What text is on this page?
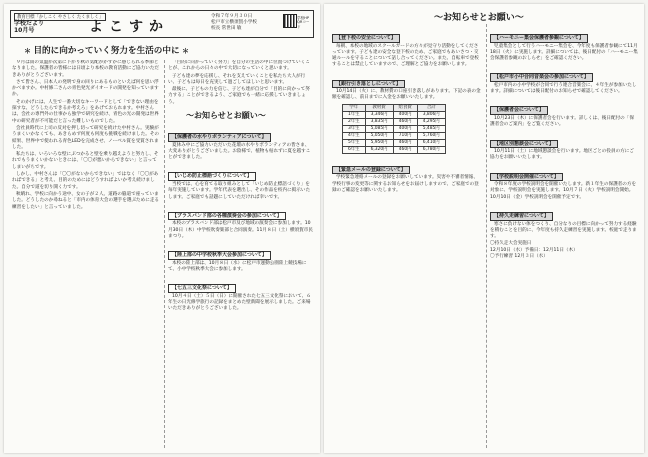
教育目標「かしこく やさしく たくましく」
学校だより
10月号	よこすか
令和７年９月３０日
松戸市立横須賀小学校
校長 常世田 敏
学校HP QRコード
＊ 目的に向かっていく努力を生活の中に ＊

９月は雨の気温が次第に下がり秋の気配がかすかに感じられる季節となりました。保護者の皆様には日頃より本校の教育活動にご協力いただきありがとうございます。

さて皆さん、日本人の発明で身の回りにあるものといえば何を思い浮かべますか。中村修二さんの青色発光ダイオードの開発を知っていますか。

そのかげには、人生で一番大切なキーワードとして「できない理由を探すな、どうしたらできるか考えろ」をあげておられます。中村さんは、会社の専門外の仕事から独学で研究を続け、青色の光の開発は世界中の研究者が不可能だと言った難しいものでした。

会社員時代に上司の反対を押し切って研究を続けた中村さん。実験がうまくいかなくても、あきらめず何度も何度も挑戦を続けました。その結果、世界中で使われる青色LEDを完成させ、ノーベル賞を受賞されました。

私たちは、いろいろな壁にぶつかると壁を乗り越えようと努力し、それでもうまくいかないときには、「〇〇が悪いからできない」と言ってしまいがちです。

しかし、中村さんは「〇〇がないからできない」ではなく「〇〇があればできる」と考え、目的のためにはどうすればよいか考え続けました。自分で道を切り開く力です。

秋晴れ、学校に向かう途中、女の子が２人、道路の脇道で座っていました。どうしたのか尋ねると「市内の体育大会の選手を選ぶために走る練習をしたい」と言っていました。

「目的に向かっていく努力」を自分の生活の中に位置づけていくことが、これからの日々の中で大切になっていくと思います。

子ども達の夢を応援し、それを支えていくことを私たち大人が行い、子どもは毎日を充実して過ごしてほしいと思います。

最後に、子どもの力を信じ、子ども達が自分で「目的に向かって努力する」ことができるよう、ご家庭でも一緒に応援していきましょう。

～お知らせとお願い～
【保護者の水やりボランティアについて】

夏休み中にご協力いただいた花壇の水やりボランティアの皆さま、大変ありがとうございました。お陰様で、植物も枯れずに夏を越すことができました。

【いじめ防止標語づくりについて】

当校では、心を育てる取り組みとして「いじめ防止標語づくり」を毎年実施しています。学年代表を選出し、その作品を校内に掲示いたします。ご家庭でも話題にしていただければ幸いです。

【プラスバンド部の各種演奏会の参加について】

本校のプラスバンド部は松戸市及び地域の演奏会に参加します。10月30日（木）中学校吹奏楽部と合同演奏。11月８日（土）横須賀市民まつり。

【陸上部の中学校秋季大会参加について】

本校の陸上部は、10月８日（水）に松戸市運動公園陸上競技場にて、小中学校秋季大会に参加します。

【七五三文化祭について】

10月４日（土）５日（日）に開催された七五三文化祭において、６年生の日光修学旅行の記録をまとめた壁新聞を展示しました。ご来場いただきありがとうございました。

～お知らせとお願い～
【登下校の安全について】

毎朝、本校の地域のスクールガードの方々が見守り活動をしてくださっています。子ども達の安全な登下校のため、ご家庭でもあいさつ・交通ルールを守ることについて話し合ってください。また、自転車で登校することは禁止していますので、ご理解とご協力をお願いします。

【銀行引き落としについて】

10月14日（火）に、教材費の口座引き落しがあります。下記の表の金額を確認し、前日までに入金をお願いいたします。

学年	教材費	給食費	合計
1年生	3,346円	400円	3,806円
2年生	3,835円	460円	4,295円
3年生	5,085円	400円	5,485円
4年生	5,050円	710円	5,760円
5年生	5,950円	460円	6,410円
6年生	6,320円	460円	6,780円
【緊急メールの登録について】

学校緊急連絡メールの登録をお願いしています。災害や不審者情報、学校行事の変更等に関するお知らせをお届けしますので、ご家庭での登録のご確認をお願いいたします。

【ハーモニー集会保護者参観について】

児童集会として行うハーモニー集会を、今年度も保護者参観にて11月18日（火）に実施します。詳細については、後日配付の「ハーモニー集会保護者参観のおしらせ」をご確認ください。

【松戸市小中合同音楽会の参加について】

松戸市内の小中学校が合同で行う連合音楽会に、４年生が参加いたします。詳細については後日配付のお知らせで確認してください。

【保護者会について】

10月23日（木）に保護者会を行います。詳しくは、後日配付の「保護者会のご案内」をご覧ください。

【地区別懇談会について】

10月11日（土）に地域懇談会を行います。地区ごとの役員の方にご協力をお願いいたします。

【学校説明会開催について】

令和８年度の学校説明会を開催いたします。新１年生の保護者の方を対象に、学校説明会を実施します。10月７日（火）学校説明会開始。10月10日（金）学校説明会を開催予定です。

【持久走練習について】

寒さに負けない体をつくり、自分なりの目標に向かって努力する経験を積むことを目的に、今年度も持久走練習を実施します。校庭で走ります。

〇持久走大会実施日
12月10日（水）予備日：12月11日（木）
〇予行練習 12月３日（水）
